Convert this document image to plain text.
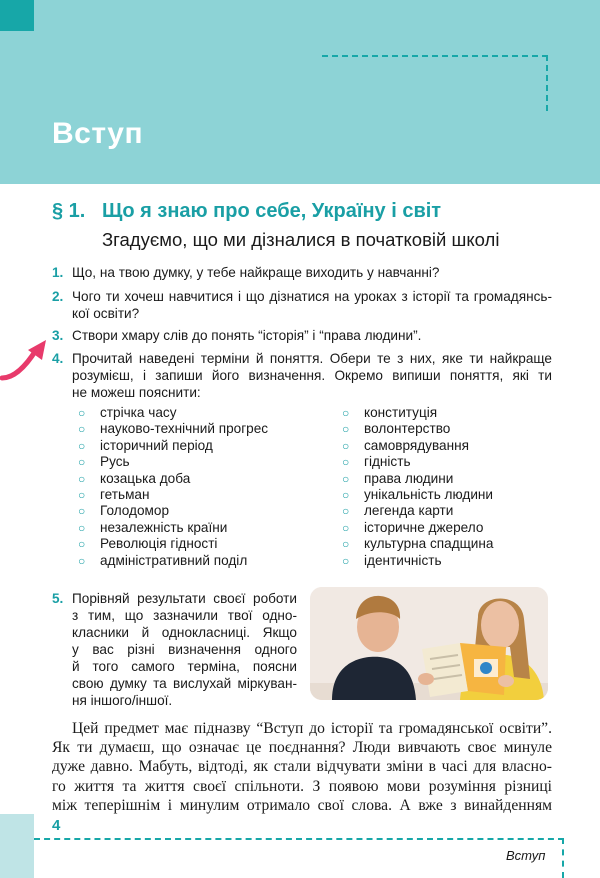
Вступ
§ 1. Що я знаю про себе, Україну і світ
Згадуємо, що ми дізналися в початковій школі
1. Що, на твою думку, у тебе найкраще виходить у навчанні?
2. Чого ти хочеш навчитися і що дізнатися на уроках з історії та громадянсь-
кої освіти?
3. Створи хмару слів до понять “історія” і “права людини”.
4. Прочитай наведені терміни й поняття. Обери те з них, яке ти найкраще
розумієш, і запиши його визначення. Окремо випиши поняття, які ти
не можеш пояснити:
○ стрічка часу
○ науково-технічний прогрес
○ історичний період
○ Русь
○ козацька доба
○ гетьман
○ Голодомор
○ незалежність країни
○ Революція гідності
○ адміністративний поділ
○ конституція
○ волонтерство
○ самоврядування
○ гідність
○ права людини
○ унікальність людини
○ легенда карти
○ історичне джерело
○ культурна спадщина
○ ідентичність
5. Порівняй результати своєї роботи
з тим, що зазначили твої одно-
класники й однокласниці. Якщо
у вас різні визначення одного
й того самого терміна, поясни
свою думку та вислухай міркуван-
ня іншого/іншої.
Цей предмет має підназву “Вступ до історії та громадянської освіти”.
Як ти думаєш, що означає це поєднання? Люди вивчають своє минуле
дуже давно. Мабуть, відтоді, як стали відчувати зміни в часі для власно-
го життя та життя своєї спільноти. З появою мови розуміння різниці
між теперішнім і минулим отримало свої слова. А вже з винайденням
4
Вступ
